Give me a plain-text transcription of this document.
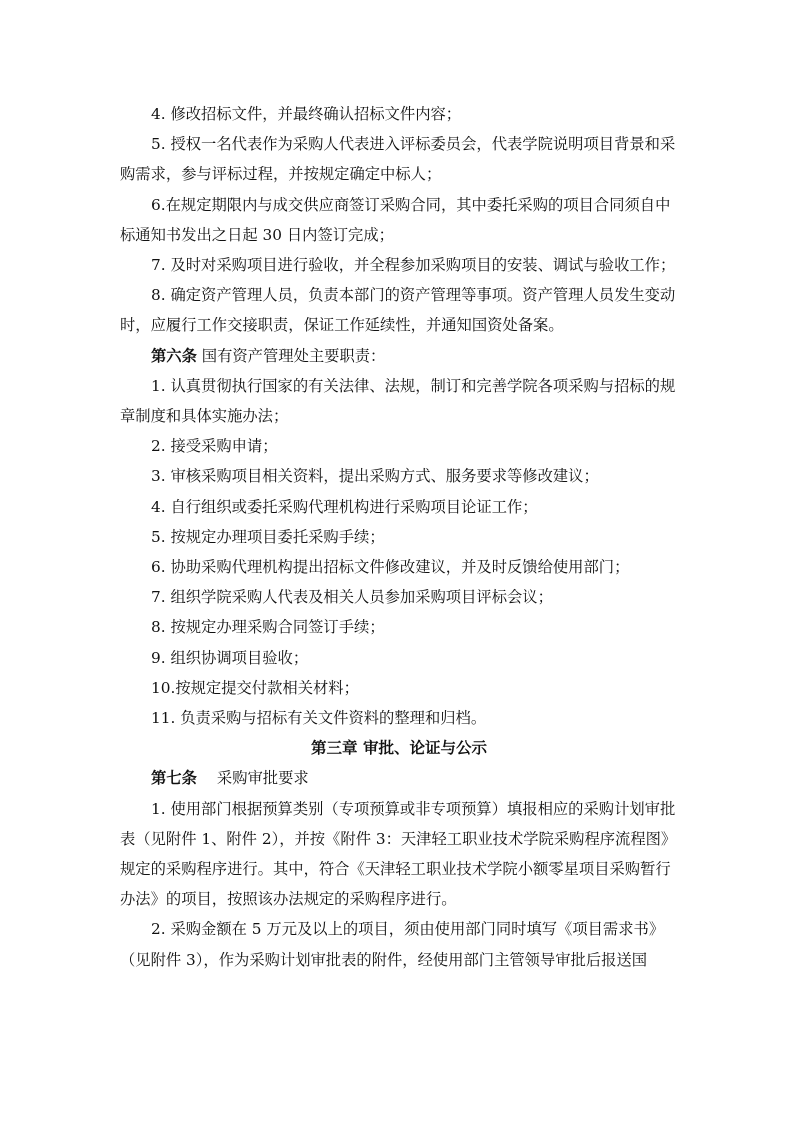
4. 修改招标文件，并最终确认招标文件内容；

5. 授权一名代表作为采购人代表进入评标委员会，代表学院说明项目背景和采购需求，参与评标过程，并按规定确定中标人；

6.在规定期限内与成交供应商签订采购合同，其中委托采购的项目合同须自中标通知书发出之日起 30 日内签订完成；

7. 及时对采购项目进行验收，并全程参加采购项目的安装、调试与验收工作；

8. 确定资产管理人员，负责本部门的资产管理等事项。资产管理人员发生变动时，应履行工作交接职责，保证工作延续性，并通知国资处备案。

第六条 国有资产管理处主要职责：

1. 认真贯彻执行国家的有关法律、法规，制订和完善学院各项采购与招标的规章制度和具体实施办法；

2. 接受采购申请；

3. 审核采购项目相关资料，提出采购方式、服务要求等修改建议；

4. 自行组织或委托采购代理机构进行采购项目论证工作；

5. 按规定办理项目委托采购手续；

6. 协助采购代理机构提出招标文件修改建议，并及时反馈给使用部门；

7. 组织学院采购人代表及相关人员参加采购项目评标会议；

8. 按规定办理采购合同签订手续；

9. 组织协调项目验收；

10.按规定提交付款相关材料；

11. 负责采购与招标有关文件资料的整理和归档。

第三章 审批、论证与公示

第七条 采购审批要求

1. 使用部门根据预算类别（专项预算或非专项预算）填报相应的采购计划审批表（见附件 1、附件 2），并按《附件 3：天津轻工职业技术学院采购程序流程图》规定的采购程序进行。其中，符合《天津轻工职业技术学院小额零星项目采购暂行办法》的项目，按照该办法规定的采购程序进行。

2. 采购金额在 5 万元及以上的项目，须由使用部门同时填写《项目需求书》（见附件 3），作为采购计划审批表的附件，经使用部门主管领导审批后报送国
